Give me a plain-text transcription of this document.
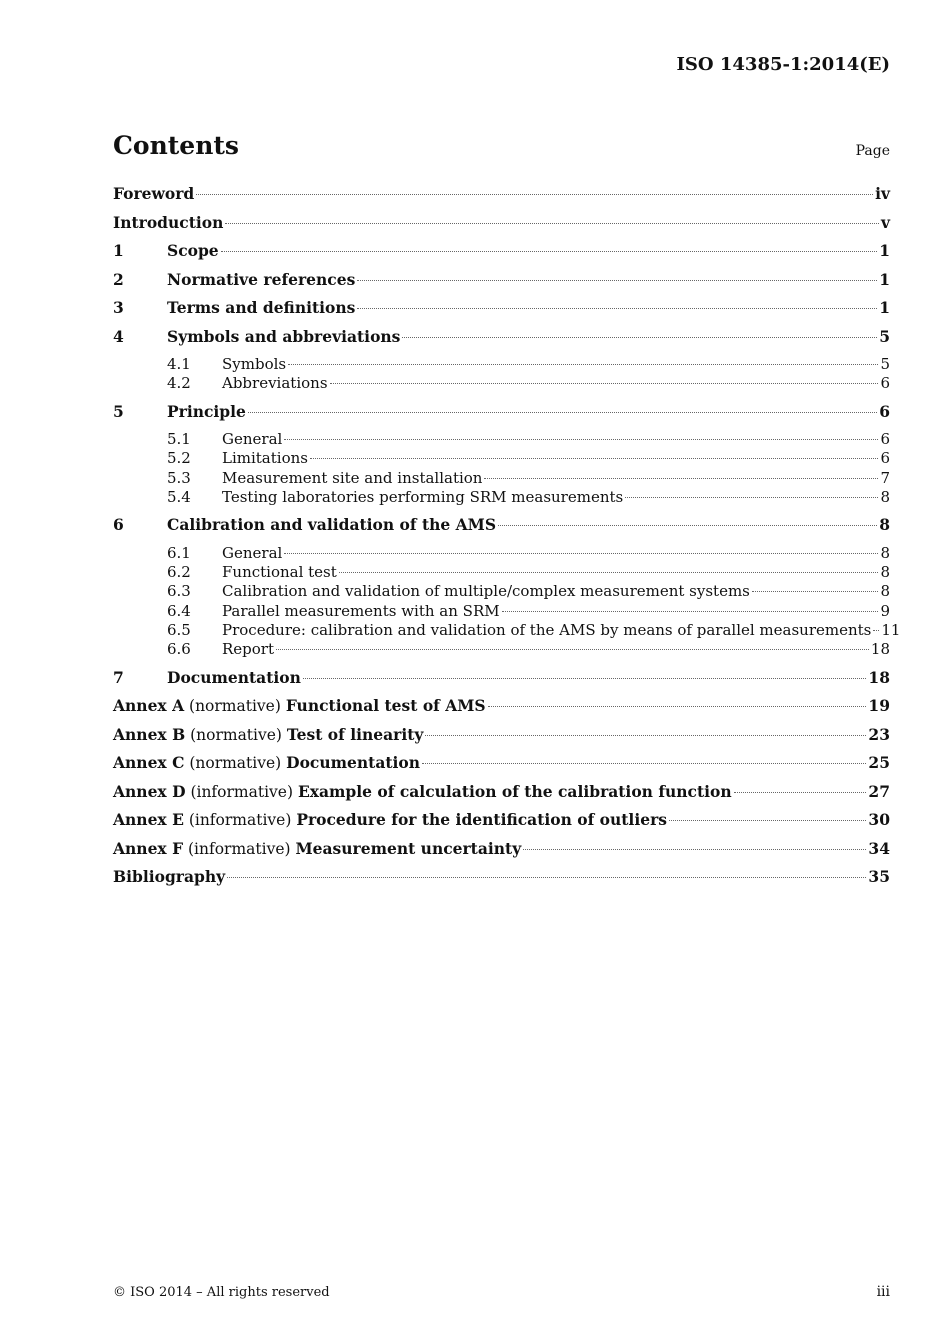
ISO 14385-1:2014(E)
Contents	Page
Foreword	iv
Introduction	v
1	Scope	1
2	Normative references	1
3	Terms and definitions	1
4	Symbols and abbreviations	5
4.1	Symbols	5
4.2	Abbreviations	6
5	Principle	6
5.1	General	6
5.2	Limitations	6
5.3	Measurement site and installation	7
5.4	Testing laboratories performing SRM measurements	8
6	Calibration and validation of the AMS	8
6.1	General	8
6.2	Functional test	8
6.3	Calibration and validation of multiple/complex measurement systems	8
6.4	Parallel measurements with an SRM	9
6.5	Procedure: calibration and validation of the AMS by means of parallel measurements 11
6.6	Report	18
7	Documentation	18
Annex A (normative) Functional test of AMS	19
Annex B (normative) Test of linearity	23
Annex C (normative) Documentation	25
Annex D (informative) Example of calculation of the calibration function	27
Annex E (informative) Procedure for the identification of outliers	30
Annex F (informative) Measurement uncertainty	34
Bibliography	35
© ISO 2014 – All rights reserved	iii
